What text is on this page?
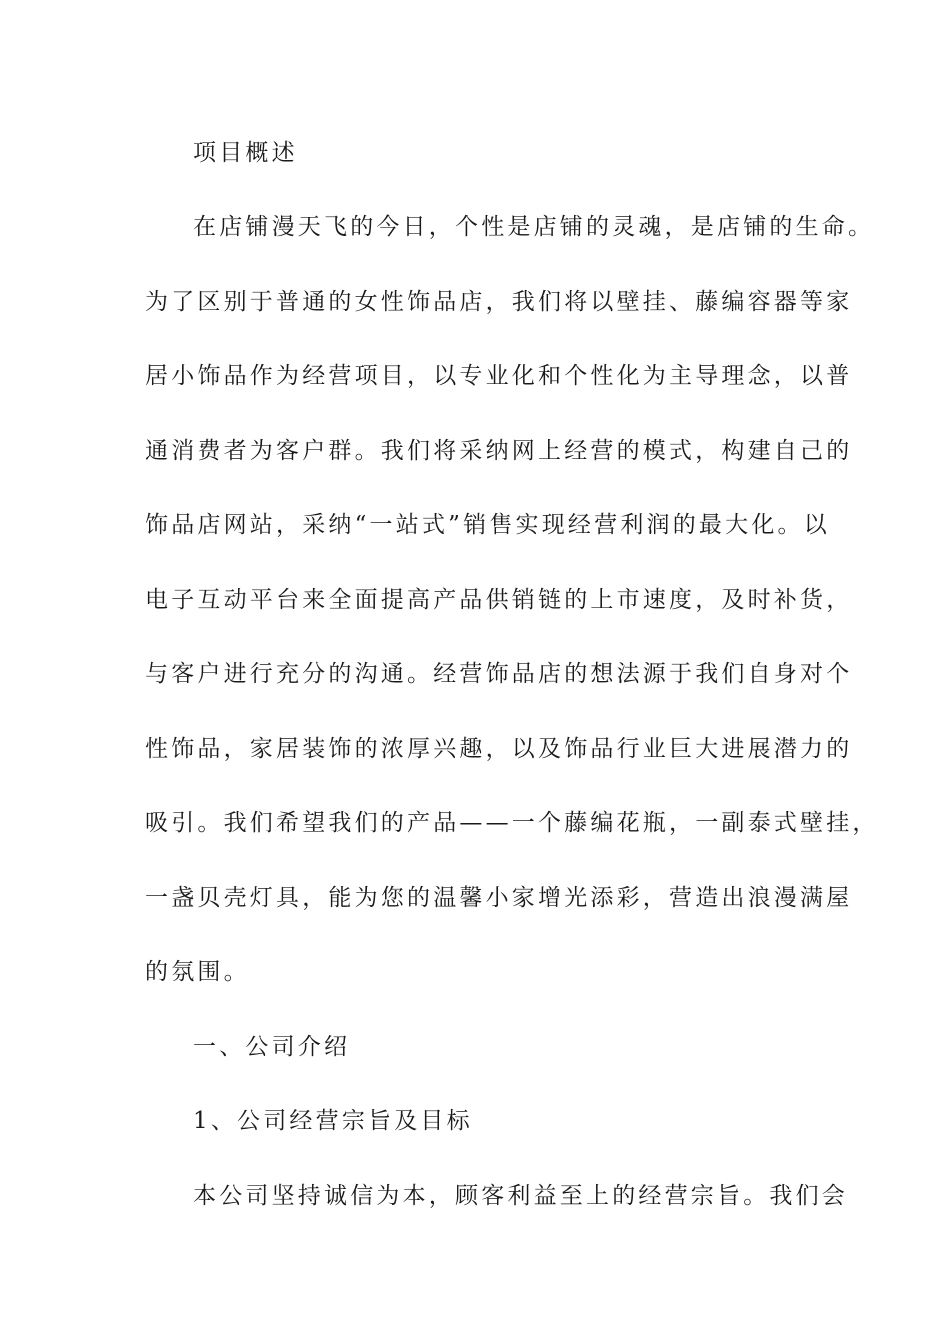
项目概述
在店铺漫天飞的今日，个性是店铺的灵魂，是店铺的生命。
为了区别于普通的女性饰品店，我们将以壁挂、藤编容器等家
居小饰品作为经营项目，以专业化和个性化为主导理念，以普
通消费者为客户群。我们将采纳网上经营的模式，构建自己的
饰品店网站，采纳“一站式”销售实现经营利润的最大化。以
电子互动平台来全面提高产品供销链的上市速度，及时补货，
与客户进行充分的沟通。经营饰品店的想法源于我们自身对个
性饰品，家居装饰的浓厚兴趣，以及饰品行业巨大进展潜力的
吸引。我们希望我们的产品——一个藤编花瓶，一副泰式壁挂，
一盏贝壳灯具，能为您的温馨小家增光添彩，营造出浪漫满屋
的氛围。
一、公司介绍
1、公司经营宗旨及目标
本公司坚持诚信为本，顾客利益至上的经营宗旨。我们会
